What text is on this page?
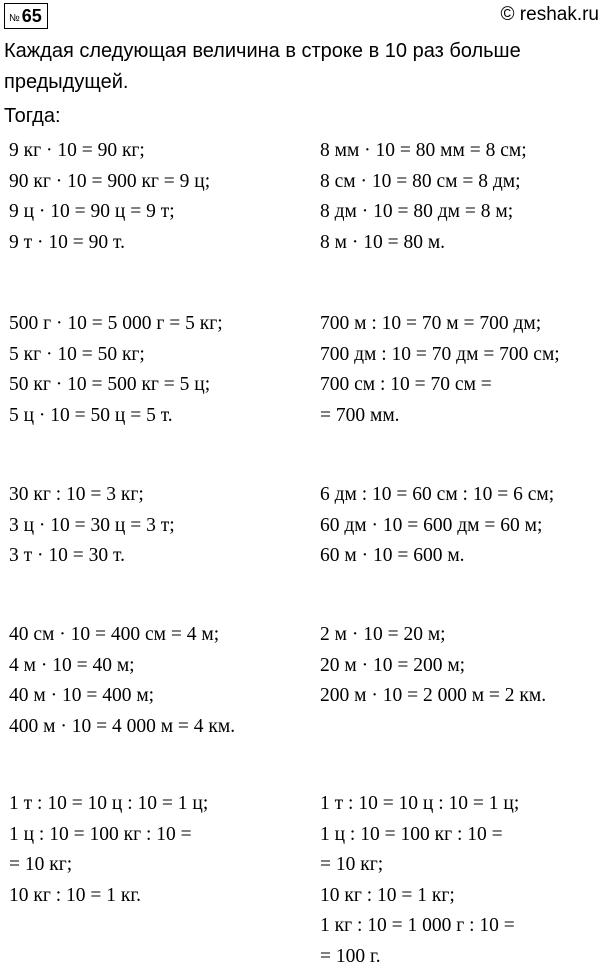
№ 65	© reshak.ru
Каждая следующая величина в строке в 10 раз больше предыдущей.
Тогда:
9 кг · 10 = 90 кг;
90 кг · 10 = 900 кг = 9 ц;
9 ц · 10 = 90 ц = 9 т;
9 т · 10 = 90 т.
8 мм · 10 = 80 мм = 8 см;
8 см · 10 = 80 см = 8 дм;
8 дм · 10 = 80 дм = 8 м;
8 м · 10 = 80 м.
500 г · 10 = 5 000 г = 5 кг;
5 кг · 10 = 50 кг;
50 кг · 10 = 500 кг = 5 ц;
5 ц · 10 = 50 ц = 5 т.
700 м : 10 = 70 м = 700 дм;
700 дм : 10 = 70 дм = 700 см;
700 см : 10 = 70 см =
= 700 мм.
30 кг : 10 = 3 кг;
3 ц · 10 = 30 ц = 3 т;
3 т · 10 = 30 т.
6 дм : 10 = 60 см : 10 = 6 см;
60 дм · 10 = 600 дм = 60 м;
60 м · 10 = 600 м.
40 см · 10 = 400 см = 4 м;
4 м · 10 = 40 м;
40 м · 10 = 400 м;
400 м · 10 = 4 000 м = 4 км.
2 м · 10 = 20 м;
20 м · 10 = 200 м;
200 м · 10 = 2 000 м = 2 км.
1 т : 10 = 10 ц : 10 = 1 ц;
1 ц : 10 = 100 кг : 10 =
= 10 кг;
10 кг : 10 = 1 кг.
1 т : 10 = 10 ц : 10 = 1 ц;
1 ц : 10 = 100 кг : 10 =
= 10 кг;
10 кг : 10 = 1 кг;
1 кг : 10 = 1 000 г : 10 =
= 100 г.
